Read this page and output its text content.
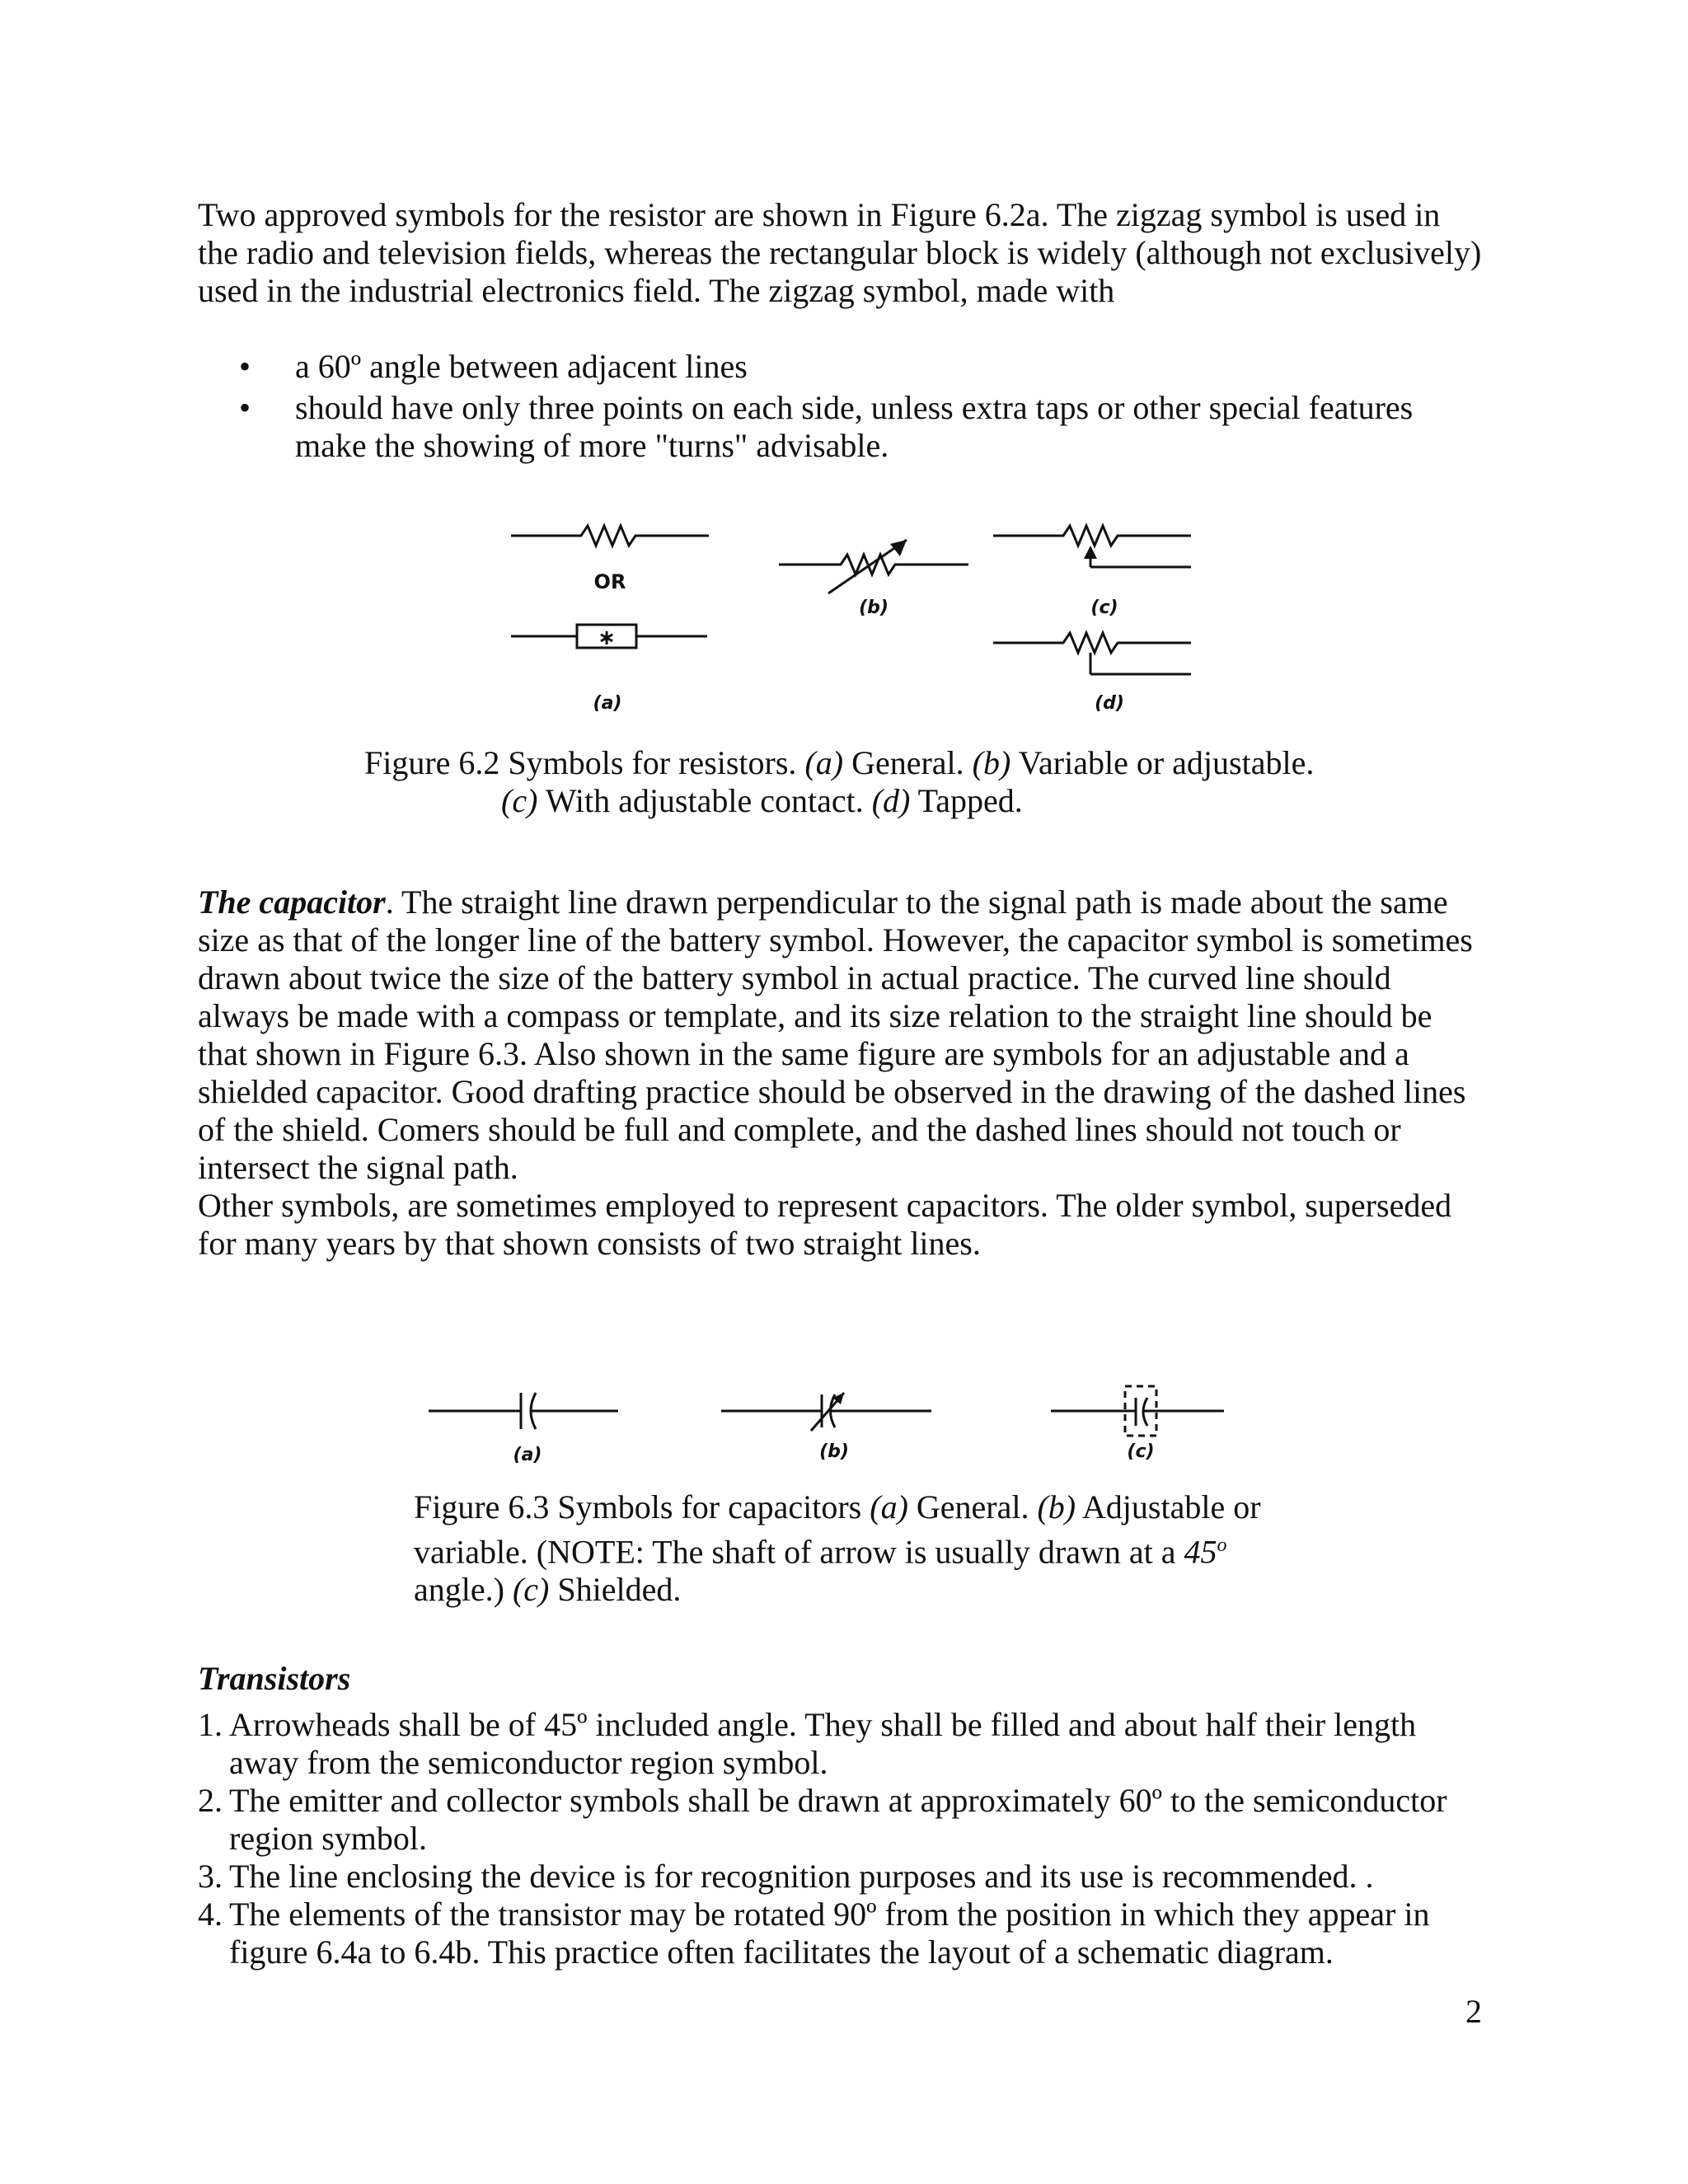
Two approved symbols for the resistor are shown in Figure 6.2a. The zigzag symbol is used in the radio and television fields, whereas the rectangular block is widely (although not exclusively) used in the industrial electronics field. The zigzag symbol, made with

• a 60º angle between adjacent lines
• should have only three points on each side, unless extra taps or other special features make the showing of more "turns" advisable.
OR
∗
(b)	(c)
(a)	(d)

Figure 6.2 Symbols for resistors. (a) General. (b) Variable or adjustable.
(c) With adjustable contact. (d) Tapped.

The capacitor. The straight line drawn perpendicular to the signal path is made about the same size as that of the longer line of the battery symbol. However, the capacitor symbol is sometimes drawn about twice the size of the battery symbol in actual practice. The curved line should always be made with a compass or template, and its size relation to the straight line should be that shown in Figure 6.3. Also shown in the same figure are symbols for an adjustable and a shielded capacitor. Good drafting practice should be observed in the drawing of the dashed lines of the shield. Comers should be full and complete, and the dashed lines should not touch or intersect the signal path.
Other symbols, are sometimes employed to represent capacitors. The older symbol, superseded for many years by that shown consists of two straight lines.

(a)	(b)	(c)

Figure 6.3 Symbols for capacitors (a) General. (b) Adjustable or variable. (NOTE: The shaft of arrow is usually drawn at a 45$^o$ angle.) (c) Shielded.

Transistors

1. Arrowheads shall be of 45º included angle. They shall be filled and about half their length away from the semiconductor region symbol.
2. The emitter and collector symbols shall be drawn at approximately 60º to the semiconductor region symbol.
3. The line enclosing the device is for recognition purposes and its use is recommended. .
4. The elements of the transistor may be rotated 90º from the position in which they appear in figure 6.4a to 6.4b. This practice often facilitates the layout of a schematic diagram.
2
